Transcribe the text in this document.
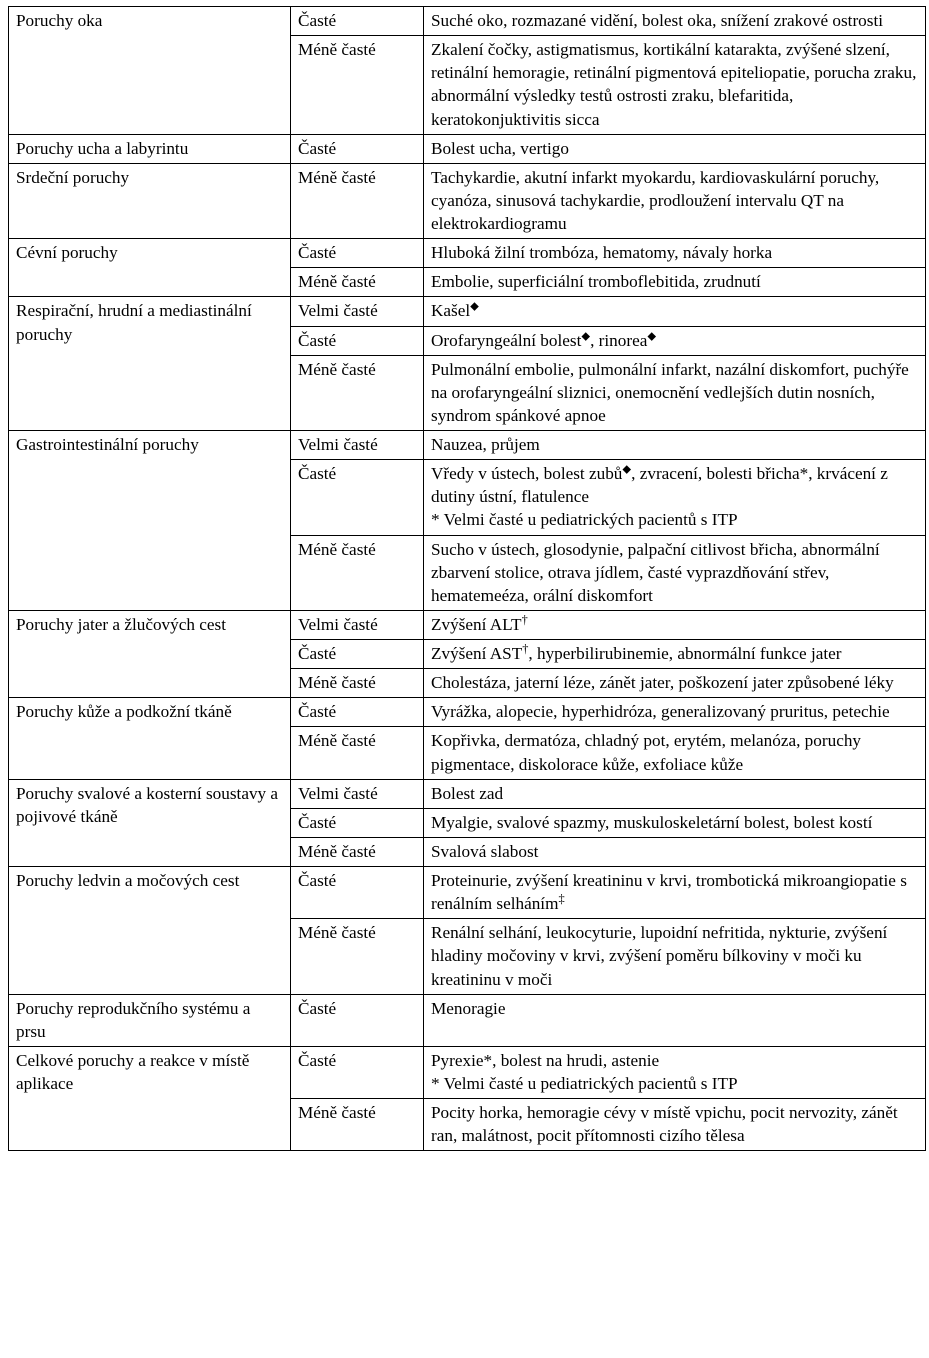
Poruchy oka	Časté	Suché oko, rozmazané vidění, bolest oka, snížení zrakové ostrosti

	Méně časté	Zkalení čočky, astigmatismus, kortikální katarakta, zvýšené slzení, retinální hemoragie, retinální pigmentová epiteliopatie, porucha zraku, abnormální výsledky testů ostrosti zraku, blefaritida, keratokonjuktivitis sicca

Poruchy ucha a labyrintu	Časté	Bolest ucha, vertigo

Srdeční poruchy	Méně časté	Tachykardie, akutní infarkt myokardu, kardiovaskulární poruchy, cyanóza, sinusová tachykardie, prodloužení intervalu QT na elektrokardiogramu

Cévní poruchy	Časté	Hluboká žilní trombóza, hematomy, návaly horka

	Méně časté	Embolie, superficiální tromboflebitida, zrudnutí

Respirační, hrudní a mediastinální poruchy	Velmi časté	Kašel◆

	Časté	Orofaryngeální bolest◆, rinorea◆

	Méně časté	Pulmonální embolie, pulmonální infarkt, nazální diskomfort, puchýře na orofaryngeální sliznici, onemocnění vedlejších dutin nosních, syndrom spánkové apnoe

Gastrointestinální poruchy	Velmi časté	Nauzea, průjem

	Časté	Vředy v ústech, bolest zubů◆, zvracení, bolesti břicha*, krvácení z dutiny ústní, flatulence
* Velmi časté u pediatrických pacientů s ITP

	Méně časté	Sucho v ústech, glosodynie, palpační citlivost břicha, abnormální zbarvení stolice, otrava jídlem, časté vyprazdňování střev, hematemeéza, orální diskomfort

Poruchy jater a žlučových cest	Velmi časté	Zvýšení ALT†

	Časté	Zvýšení AST†, hyperbilirubinemie, abnormální funkce jater

	Méně časté	Cholestáza, jaterní léze, zánět jater, poškození jater způsobené léky

Poruchy kůže a podkožní tkáně	Časté	Vyrážka, alopecie, hyperhidróza, generalizovaný pruritus, petechie

	Méně časté	Kopřivka, dermatóza, chladný pot, erytém, melanóza, poruchy pigmentace, diskolorace kůže, exfoliace kůže

Poruchy svalové a kosterní soustavy a pojivové tkáně	Velmi časté	Bolest zad

	Časté	Myalgie, svalové spazmy, muskuloskeletární bolest, bolest kostí

	Méně časté	Svalová slabost

Poruchy ledvin a močových cest	Časté	Proteinurie, zvýšení kreatininu v krvi, trombotická mikroangiopatie s renálním selháním‡

	Méně časté	Renální selhání, leukocyturie, lupoidní nefritida, nykturie, zvýšení hladiny močoviny v krvi, zvýšení poměru bílkoviny v moči ku kreatininu v moči

Poruchy reprodukčního systému a prsu	Časté	Menoragie

Celkové poruchy a reakce v místě aplikace	Časté	Pyrexie*, bolest na hrudi, astenie
* Velmi časté u pediatrických pacientů s ITP

	Méně časté	Pocity horka, hemoragie cévy v místě vpichu, pocit nervozity, zánět ran, malátnost, pocit přítomnosti cizího tělesa
